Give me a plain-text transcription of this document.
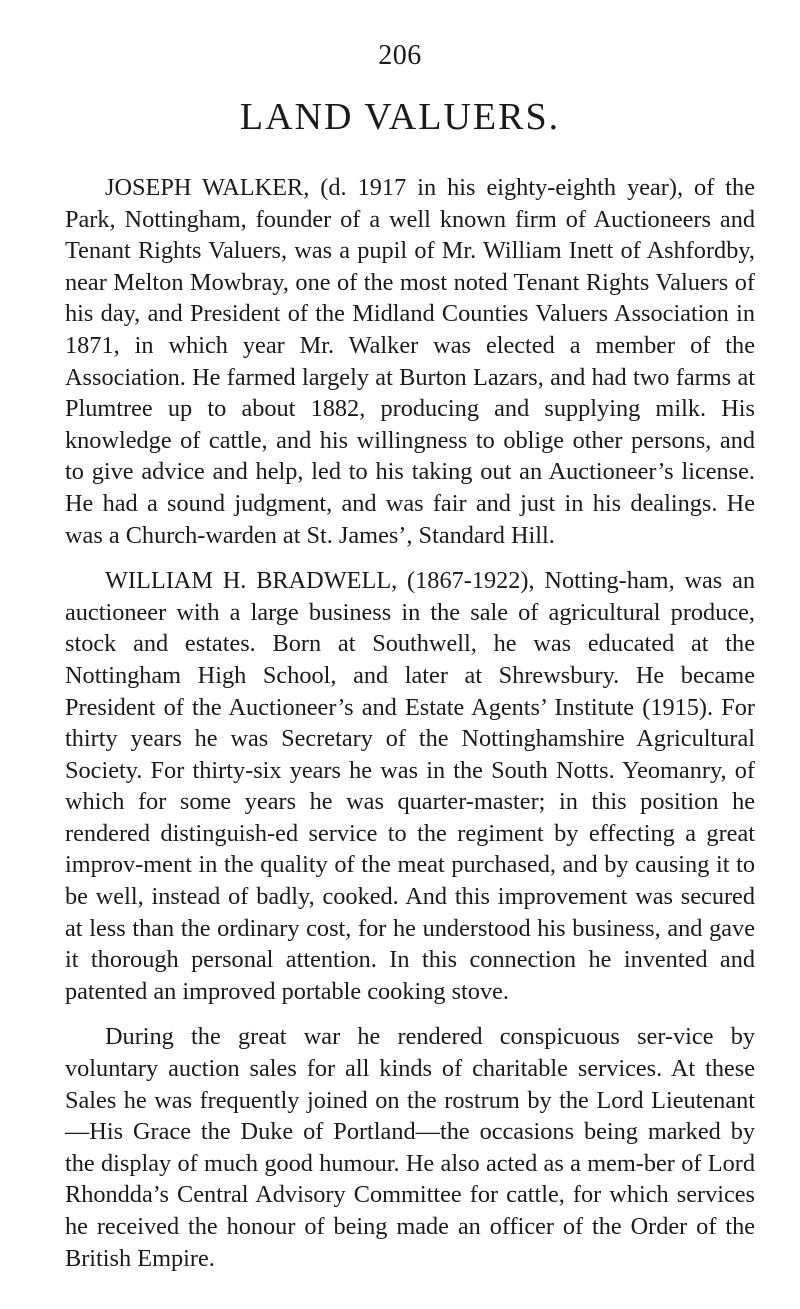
206
LAND VALUERS.

JOSEPH WALKER, (d. 1917 in his eighty-eighth year), of the Park, Nottingham, founder of a well known firm of Auctioneers and Tenant Rights Valuers, was a pupil of Mr. William Inett of Ashfordby, near Melton Mowbray, one of the most noted Tenant Rights Valuers of his day, and President of the Midland Counties Valuers Association in 1871, in which year Mr. Walker was elected a member of the Association. He farmed largely at Burton Lazars, and had two farms at Plumtree up to about 1882, producing and supplying milk. His knowledge of cattle, and his willingness to oblige other persons, and to give advice and help, led to his taking out an Auctioneer’s license. He had a sound judgment, and was fair and just in his dealings. He was a Church-warden at St. James’, Standard Hill.

WILLIAM H. BRADWELL, (1867-1922), Notting-ham, was an auctioneer with a large business in the sale of agricultural produce, stock and estates. Born at Southwell, he was educated at the Nottingham High School, and later at Shrewsbury. He became President of the Auctioneer’s and Estate Agents’ Institute (1915). For thirty years he was Secretary of the Nottinghamshire Agricultural Society. For thirty-six years he was in the South Notts. Yeomanry, of which for some years he was quarter-master; in this position he rendered distinguish-ed service to the regiment by effecting a great improv-ment in the quality of the meat purchased, and by causing it to be well, instead of badly, cooked. And this improvement was secured at less than the ordinary cost, for he understood his business, and gave it thorough personal attention. In this connection he invented and patented an improved portable cooking stove.

During the great war he rendered conspicuous ser-vice by voluntary auction sales for all kinds of charitable services. At these Sales he was frequently joined on the rostrum by the Lord Lieutenant—His Grace the Duke of Portland—the occasions being marked by the display of much good humour. He also acted as a mem-ber of Lord Rhondda’s Central Advisory Committee for cattle, for which services he received the honour of being made an officer of the Order of the British Empire.
